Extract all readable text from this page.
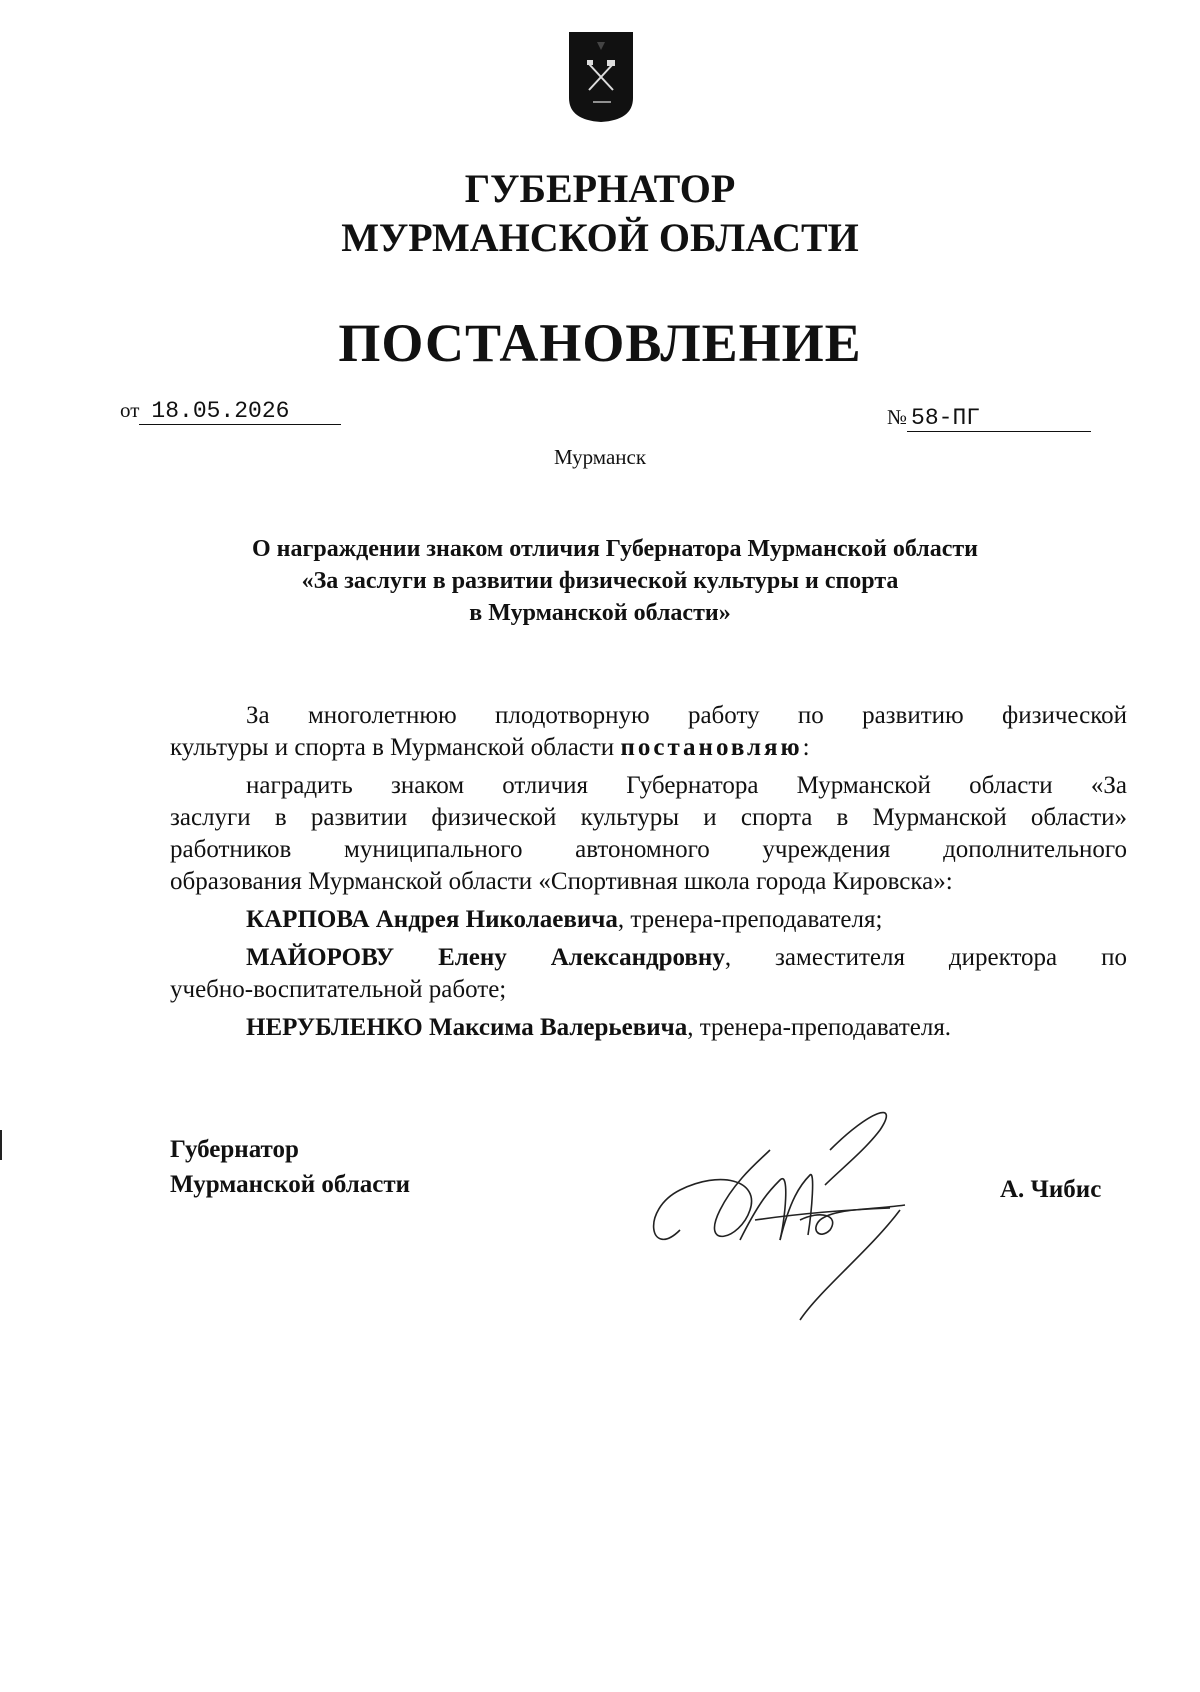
ГУБЕРНАТОР
МУРМАНСКОЙ ОБЛАСТИ
ПОСТАНОВЛЕНИЕ
от 18.05.2026	№ 58-ПГ
Мурманск
О награждении знаком отличия Губернатора Мурманской области
«За заслуги в развитии физической культуры и спорта
в Мурманской области»
За многолетнюю плодотворную работу по развитию физической
культуры и спорта в Мурманской области постановляю:
наградить знаком отличия Губернатора Мурманской области «За
заслуги в развитии физической культуры и спорта в Мурманской области»
работников муниципального автономного учреждения дополнительного
образования Мурманской области «Спортивная школа города Кировска»:
КАРПОВА Андрея Николаевича, тренера-преподавателя;
МАЙОРОВУ Елену Александровну, заместителя директора по
учебно-воспитательной работе;
НЕРУБЛЕНКО Максима Валерьевича, тренера-преподавателя.
Губернатор
Мурманской области	А. Чибис
